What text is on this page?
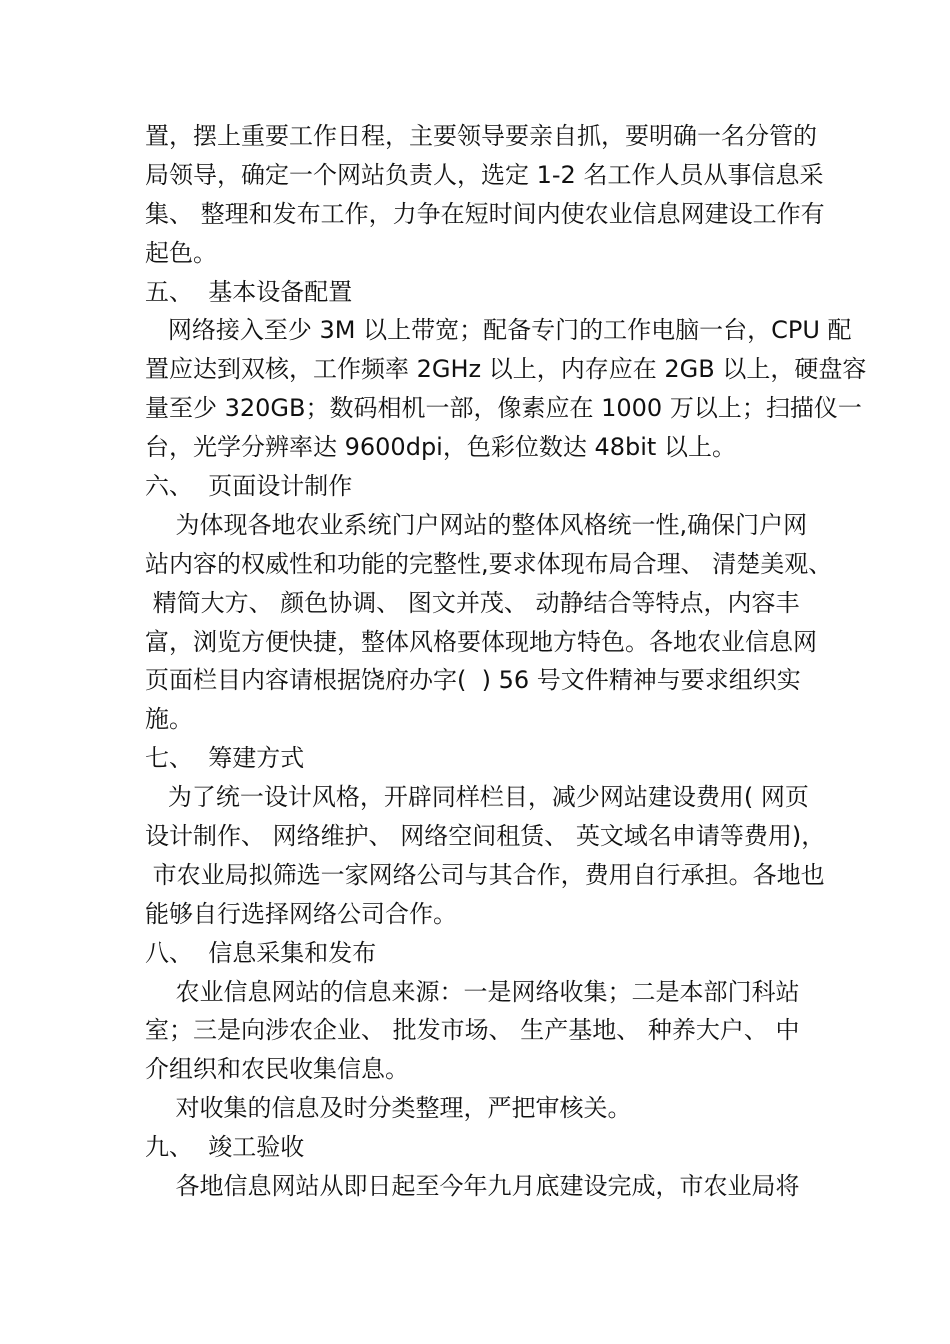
置，摆上重要工作日程，主要领导要亲自抓，要明确一名分管的
局领导，确定一个网站负责人，选定 1-2 名工作人员从事信息采
集、 整理和发布工作，力争在短时间内使农业信息网建设工作有
起色。
五、  基本设备配置
网络接入至少 3M 以上带宽；配备专门的工作电脑一台，CPU 配
置应达到双核，工作频率 2GHz 以上，内存应在 2GB 以上，硬盘容
量至少 320GB；数码相机一部，像素应在 1000 万以上；扫描仪一
台，光学分辨率达 9600dpi，色彩位数达 48bit 以上。
六、  页面设计制作
为体现各地农业系统门户网站的整体风格统一性,确保门户网
站内容的权威性和功能的完整性,要求体现布局合理、 清楚美观、
精简大方、 颜色协调、 图文并茂、 动静结合等特点，内容丰
富，浏览方便快捷，整体风格要体现地方特色。各地农业信息网
页面栏目内容请根据饶府办字(  ) 56 号文件精神与要求组织实
施。
七、  筹建方式
为了统一设计风格，开辟同样栏目，减少网站建设费用( 网页
设计制作、 网络维护、 网络空间租赁、 英文域名申请等费用)，
市农业局拟筛选一家网络公司与其合作，费用自行承担。各地也
能够自行选择网络公司合作。
八、  信息采集和发布
农业信息网站的信息来源：一是网络收集；二是本部门科站
室；三是向涉农企业、 批发市场、 生产基地、 种养大户、 中
介组织和农民收集信息。
对收集的信息及时分类整理，严把审核关。
九、  竣工验收
各地信息网站从即日起至今年九月底建设完成，市农业局将
